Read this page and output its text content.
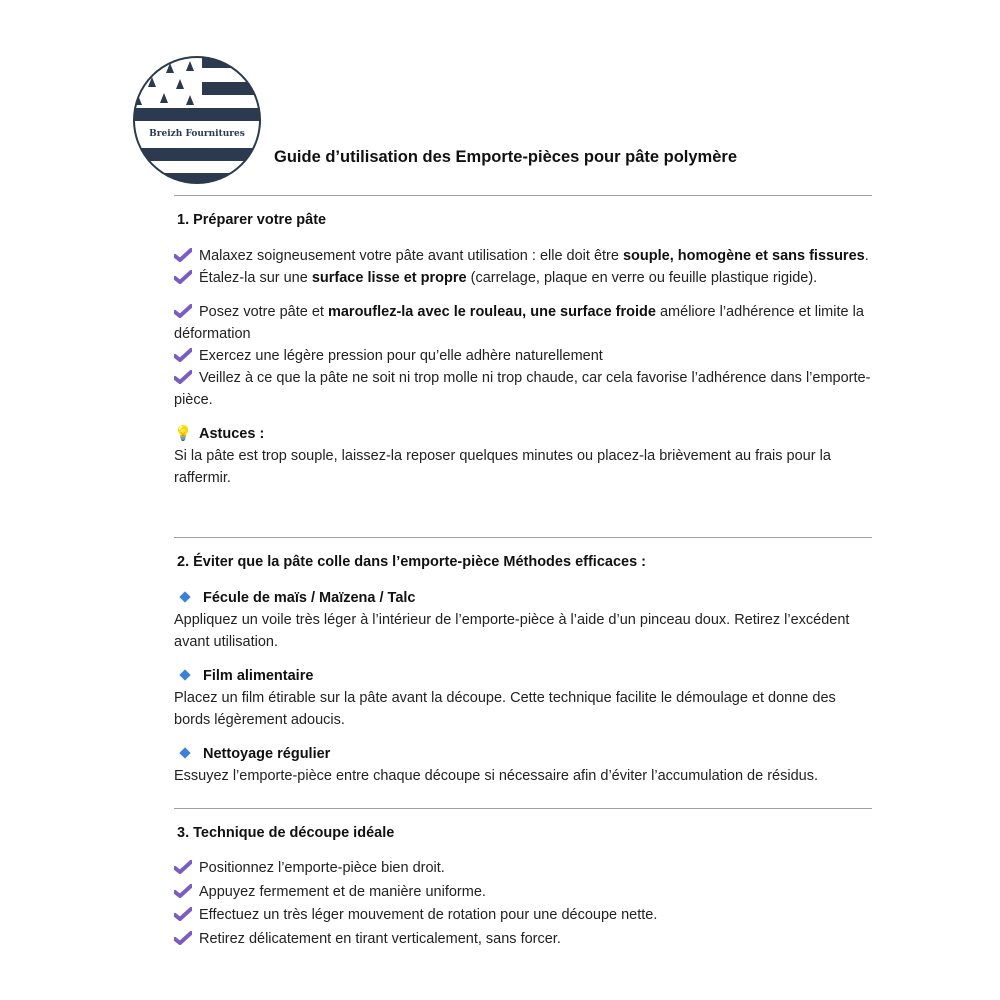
Breizh Fournitures
Guide d’utilisation des Emporte-pièces pour pâte polymère
1. Préparer votre pâte

Malaxez soigneusement votre pâte avant utilisation : elle doit être souple, homogène et sans fissures.

Étalez-la sur une surface lisse et propre (carrelage, plaque en verre ou feuille plastique rigide).

Posez votre pâte et marouflez-la avec le rouleau, une surface froide améliore l’adhérence et limite la déformation

Exercez une légère pression pour qu’elle adhère naturellement

Veillez à ce que la pâte ne soit ni trop molle ni trop chaude, car cela favorise l’adhérence dans l’emporte-pièce.

💡 Astuces :

Si la pâte est trop souple, laissez-la reposer quelques minutes ou placez-la brièvement au frais pour la raffermir.

2. Éviter que la pâte colle dans l’emporte-pièce Méthodes efficaces :

Fécule de maïs / Maïzena / Talc

Appliquez un voile très léger à l’intérieur de l’emporte-pièce à l’aide d’un pinceau doux. Retirez l’excédent avant utilisation.

Film alimentaire

Placez un film étirable sur la pâte avant la découpe. Cette technique facilite le démoulage et donne des bords légèrement adoucis.

Nettoyage régulier

Essuyez l’emporte-pièce entre chaque découpe si nécessaire afin d’éviter l’accumulation de résidus.

3. Technique de découpe idéale

Positionnez l’emporte-pièce bien droit.

Appuyez fermement et de manière uniforme.

Effectuez un très léger mouvement de rotation pour une découpe nette.

Retirez délicatement en tirant verticalement, sans forcer.
